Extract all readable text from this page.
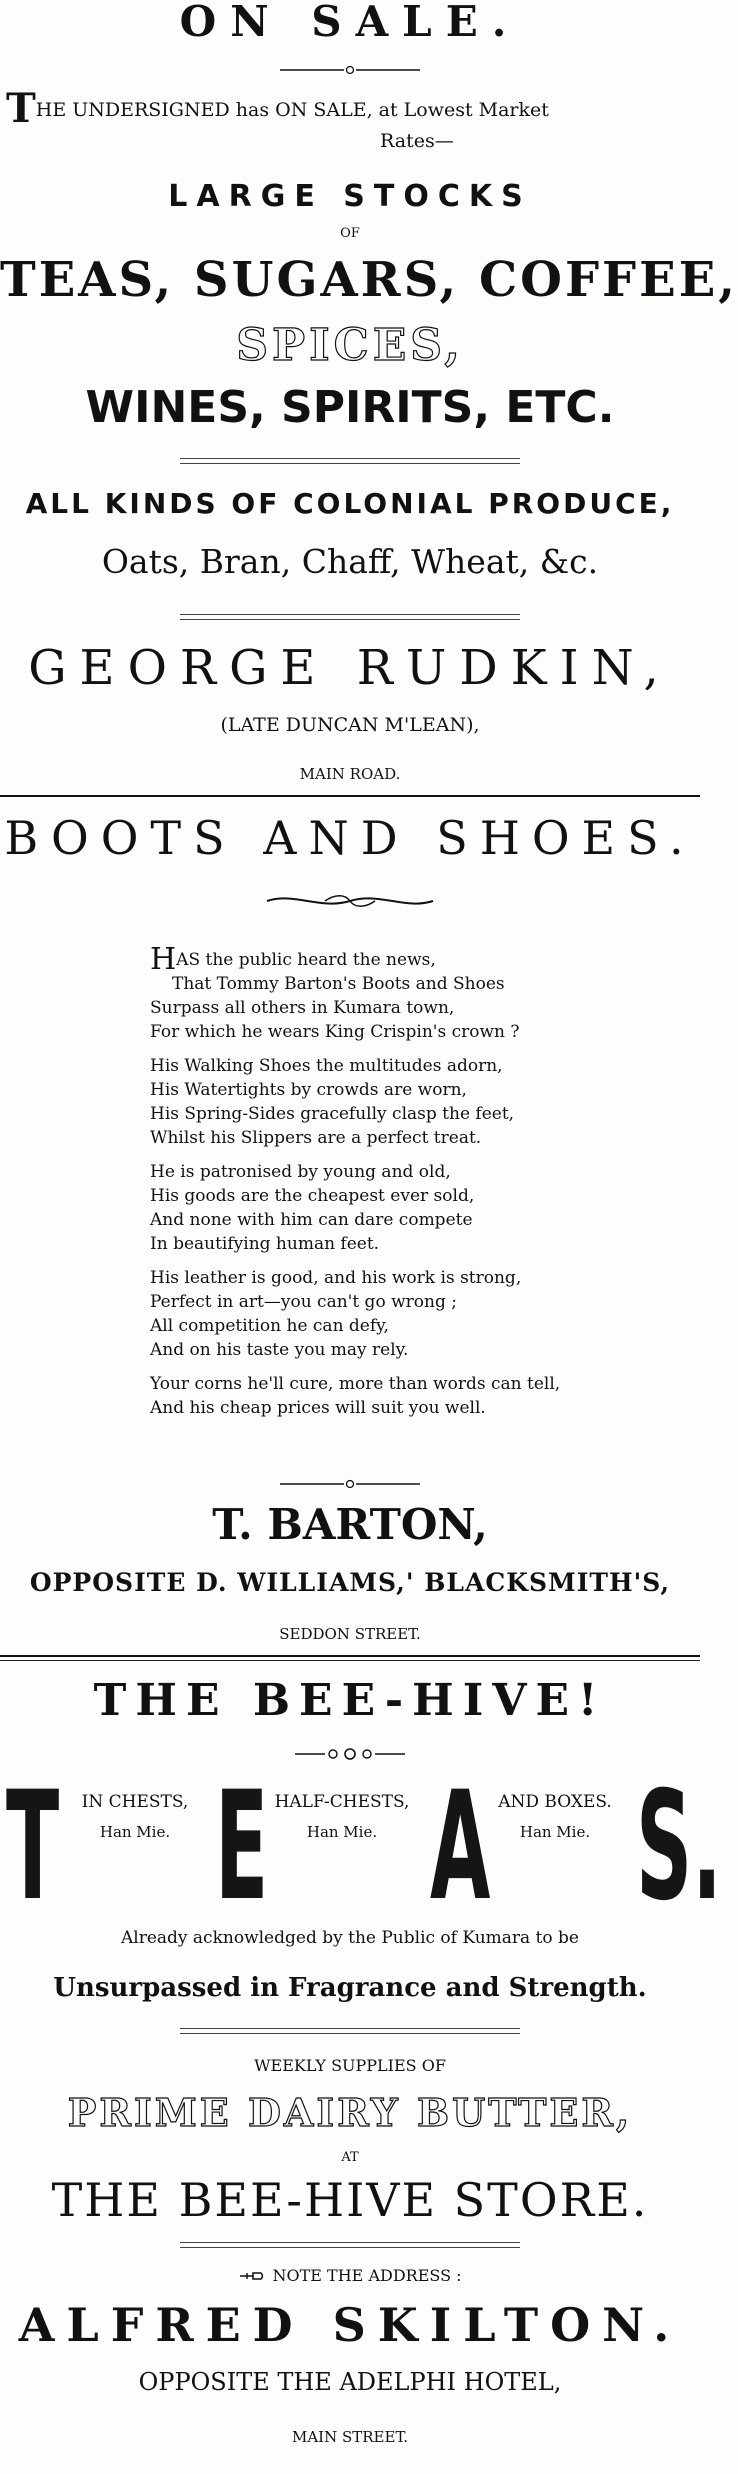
ON SALE.
THE UNDERSIGNED has ON SALE, at Lowest Market
Rates—
LARGE STOCKS
OF
TEAS, SUGARS, COFFEE,
SPICES,
WINES, SPIRITS, ETC.
ALL KINDS OF COLONIAL PRODUCE,
Oats, Bran, Chaff, Wheat, &c.
GEORGE RUDKIN,
(LATE DUNCAN M'LEAN),
MAIN ROAD.
BOOTS AND SHOES.
HAS the public heard the news,
That Tommy Barton's Boots and Shoes
Surpass all others in Kumara town,
For which he wears King Crispin's crown ?
His Walking Shoes the multitudes adorn,
His Watertights by crowds are worn,
His Spring-Sides gracefully clasp the feet,
Whilst his Slippers are a perfect treat.
He is patronised by young and old,
His goods are the cheapest ever sold,
And none with him can dare compete
In beautifying human feet.
His leather is good, and his work is strong,
Perfect in art—you can't go wrong ;
All competition he can defy,
And on his taste you may rely.
Your corns he'll cure, more than words can tell,
And his cheap prices will suit you well.
T. BARTON,
OPPOSITE D. WILLIAMS,' BLACKSMITH'S,
SEDDON STREET.
THE BEE-HIVE!
T	IN CHESTS,
Han Mie. E HALF-CHESTS,
Han Mie. A AND BOXES.
Han Mie. S.
Already acknowledged by the Public of Kumara to be
Unsurpassed in Fragrance and Strength.
WEEKLY SUPPLIES OF
PRIME DAIRY BUTTER,
AT
THE BEE-HIVE STORE.
NOTE THE ADDRESS :
ALFRED SKILTON.
OPPOSITE THE ADELPHI HOTEL,
MAIN STREET.
